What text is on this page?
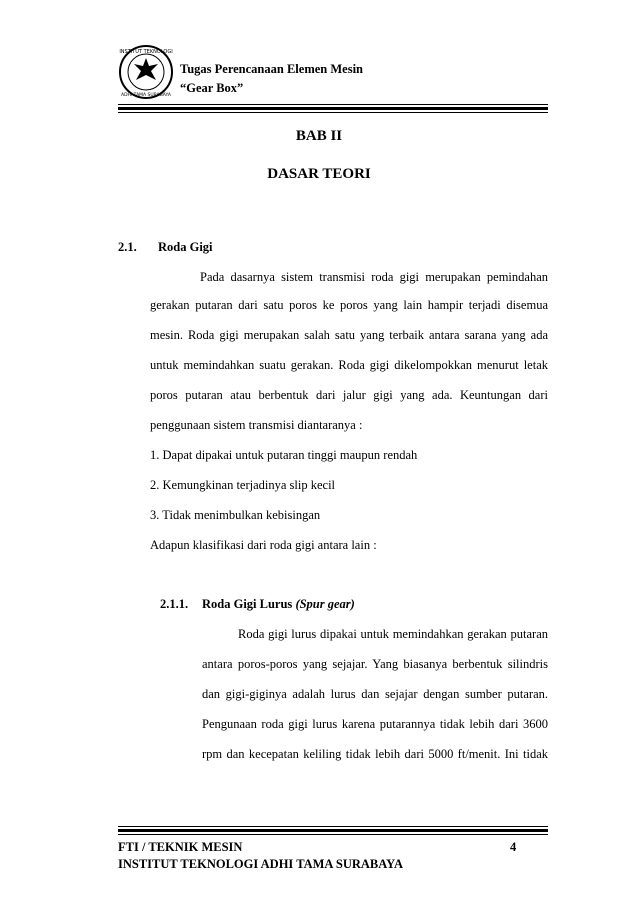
INSTITUT TEKNOLOGI
ADHI TAMA SURABAYA
Tugas Perencanaan Elemen Mesin
“Gear Box”
BAB II
DASAR TEORI
2.1. Roda Gigi
Pada dasarnya sistem transmisi roda gigi merupakan pemindahan
gerakan putaran dari satu poros ke poros yang lain hampir terjadi disemua
mesin. Roda gigi merupakan salah satu yang terbaik antara sarana yang ada
untuk memindahkan suatu gerakan. Roda gigi dikelompokkan menurut letak
poros putaran atau berbentuk dari jalur gigi yang ada. Keuntungan dari
penggunaan sistem transmisi diantaranya :
1. Dapat dipakai untuk putaran tinggi maupun rendah
2. Kemungkinan terjadinya slip kecil
3. Tidak menimbulkan kebisingan
Adapun klasifikasi dari roda gigi antara lain :
2.1.1. Roda Gigi Lurus (Spur gear)
Roda gigi lurus dipakai untuk memindahkan gerakan putaran
antara poros-poros yang sejajar. Yang biasanya berbentuk silindris
dan gigi-giginya adalah lurus dan sejajar dengan sumber putaran.
Pengunaan roda gigi lurus karena putarannya tidak lebih dari 3600
rpm dan kecepatan keliling tidak lebih dari 5000 ft/menit. Ini tidak
FTI / TEKNIK MESIN	4
INSTITUT TEKNOLOGI ADHI TAMA SURABAYA
